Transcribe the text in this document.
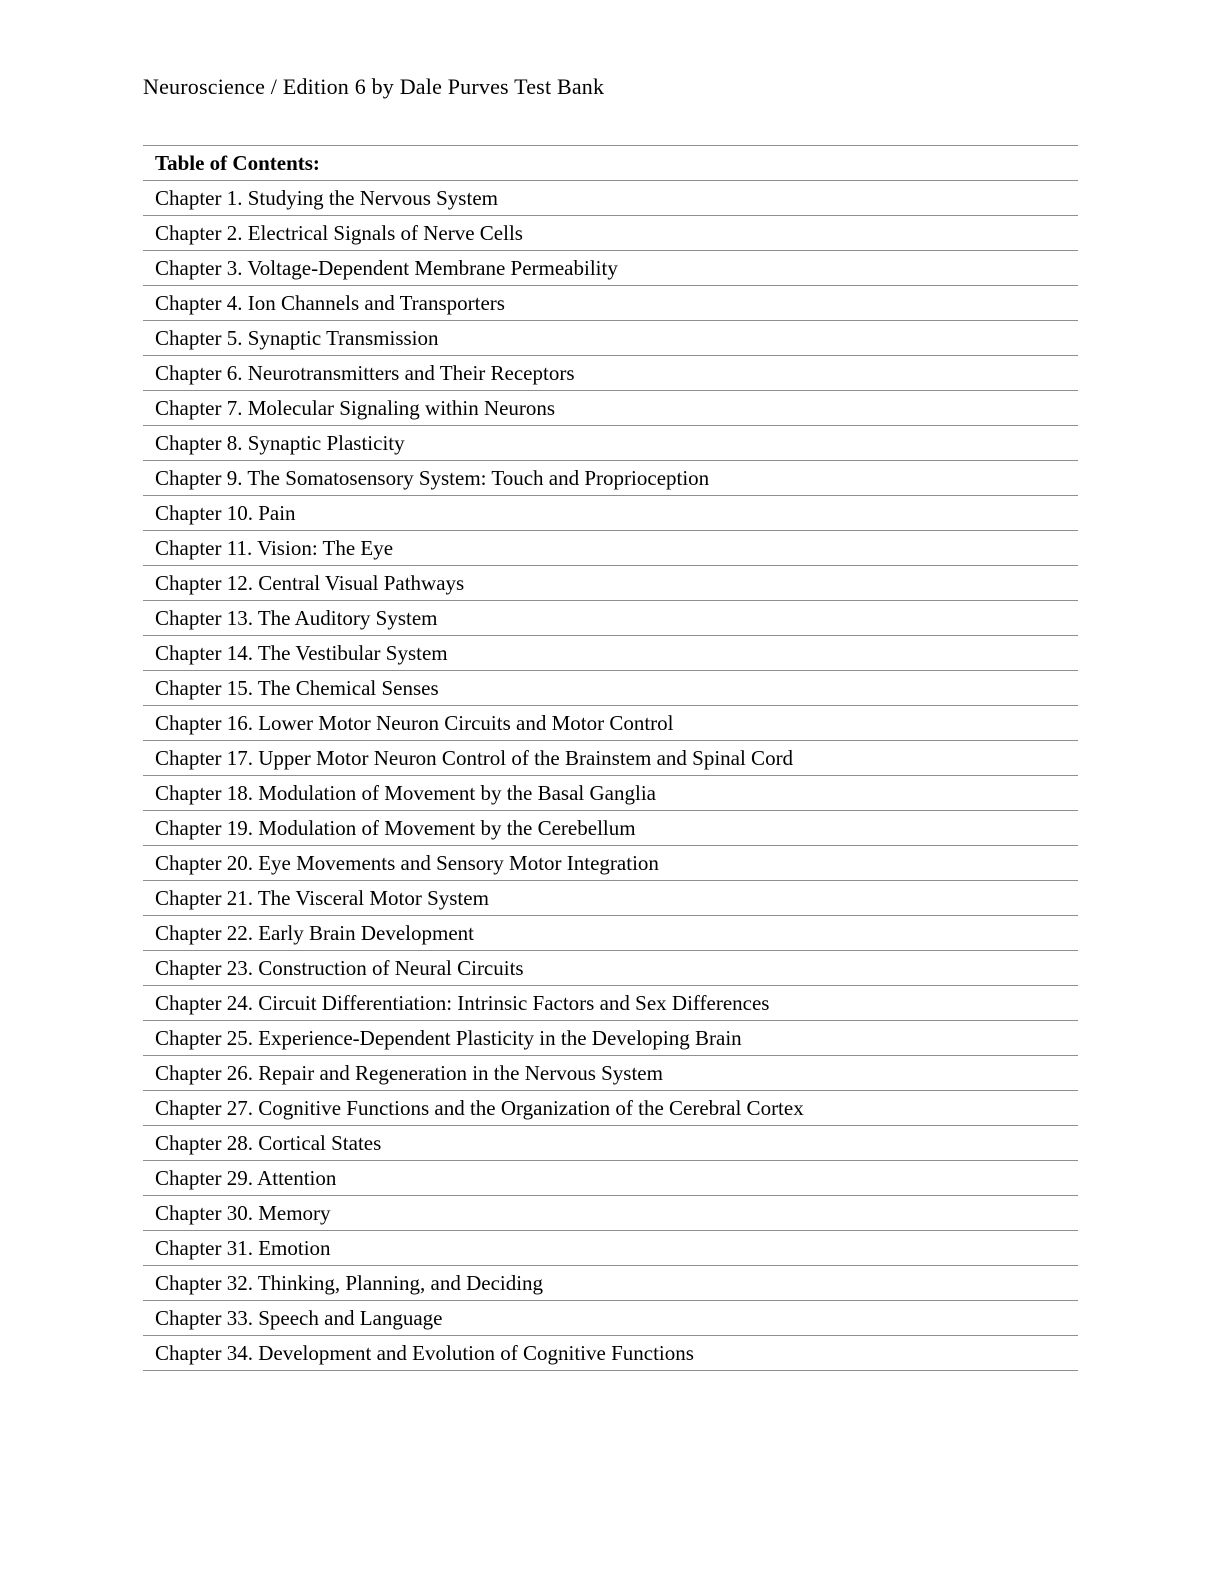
Neuroscience / Edition 6 by Dale Purves Test Bank
Table of Contents:
Chapter 1. Studying the Nervous System
Chapter 2. Electrical Signals of Nerve Cells
Chapter 3. Voltage-Dependent Membrane Permeability
Chapter 4. Ion Channels and Transporters
Chapter 5. Synaptic Transmission
Chapter 6. Neurotransmitters and Their Receptors
Chapter 7. Molecular Signaling within Neurons
Chapter 8. Synaptic Plasticity
Chapter 9. The Somatosensory System: Touch and Proprioception
Chapter 10. Pain
Chapter 11. Vision: The Eye
Chapter 12. Central Visual Pathways
Chapter 13. The Auditory System
Chapter 14. The Vestibular System
Chapter 15. The Chemical Senses
Chapter 16. Lower Motor Neuron Circuits and Motor Control
Chapter 17. Upper Motor Neuron Control of the Brainstem and Spinal Cord
Chapter 18. Modulation of Movement by the Basal Ganglia
Chapter 19. Modulation of Movement by the Cerebellum
Chapter 20. Eye Movements and Sensory Motor Integration
Chapter 21. The Visceral Motor System
Chapter 22. Early Brain Development
Chapter 23. Construction of Neural Circuits
Chapter 24. Circuit Differentiation: Intrinsic Factors and Sex Differences
Chapter 25. Experience-Dependent Plasticity in the Developing Brain
Chapter 26. Repair and Regeneration in the Nervous System
Chapter 27. Cognitive Functions and the Organization of the Cerebral Cortex
Chapter 28. Cortical States
Chapter 29. Attention
Chapter 30. Memory
Chapter 31. Emotion
Chapter 32. Thinking, Planning, and Deciding
Chapter 33. Speech and Language
Chapter 34. Development and Evolution of Cognitive Functions
